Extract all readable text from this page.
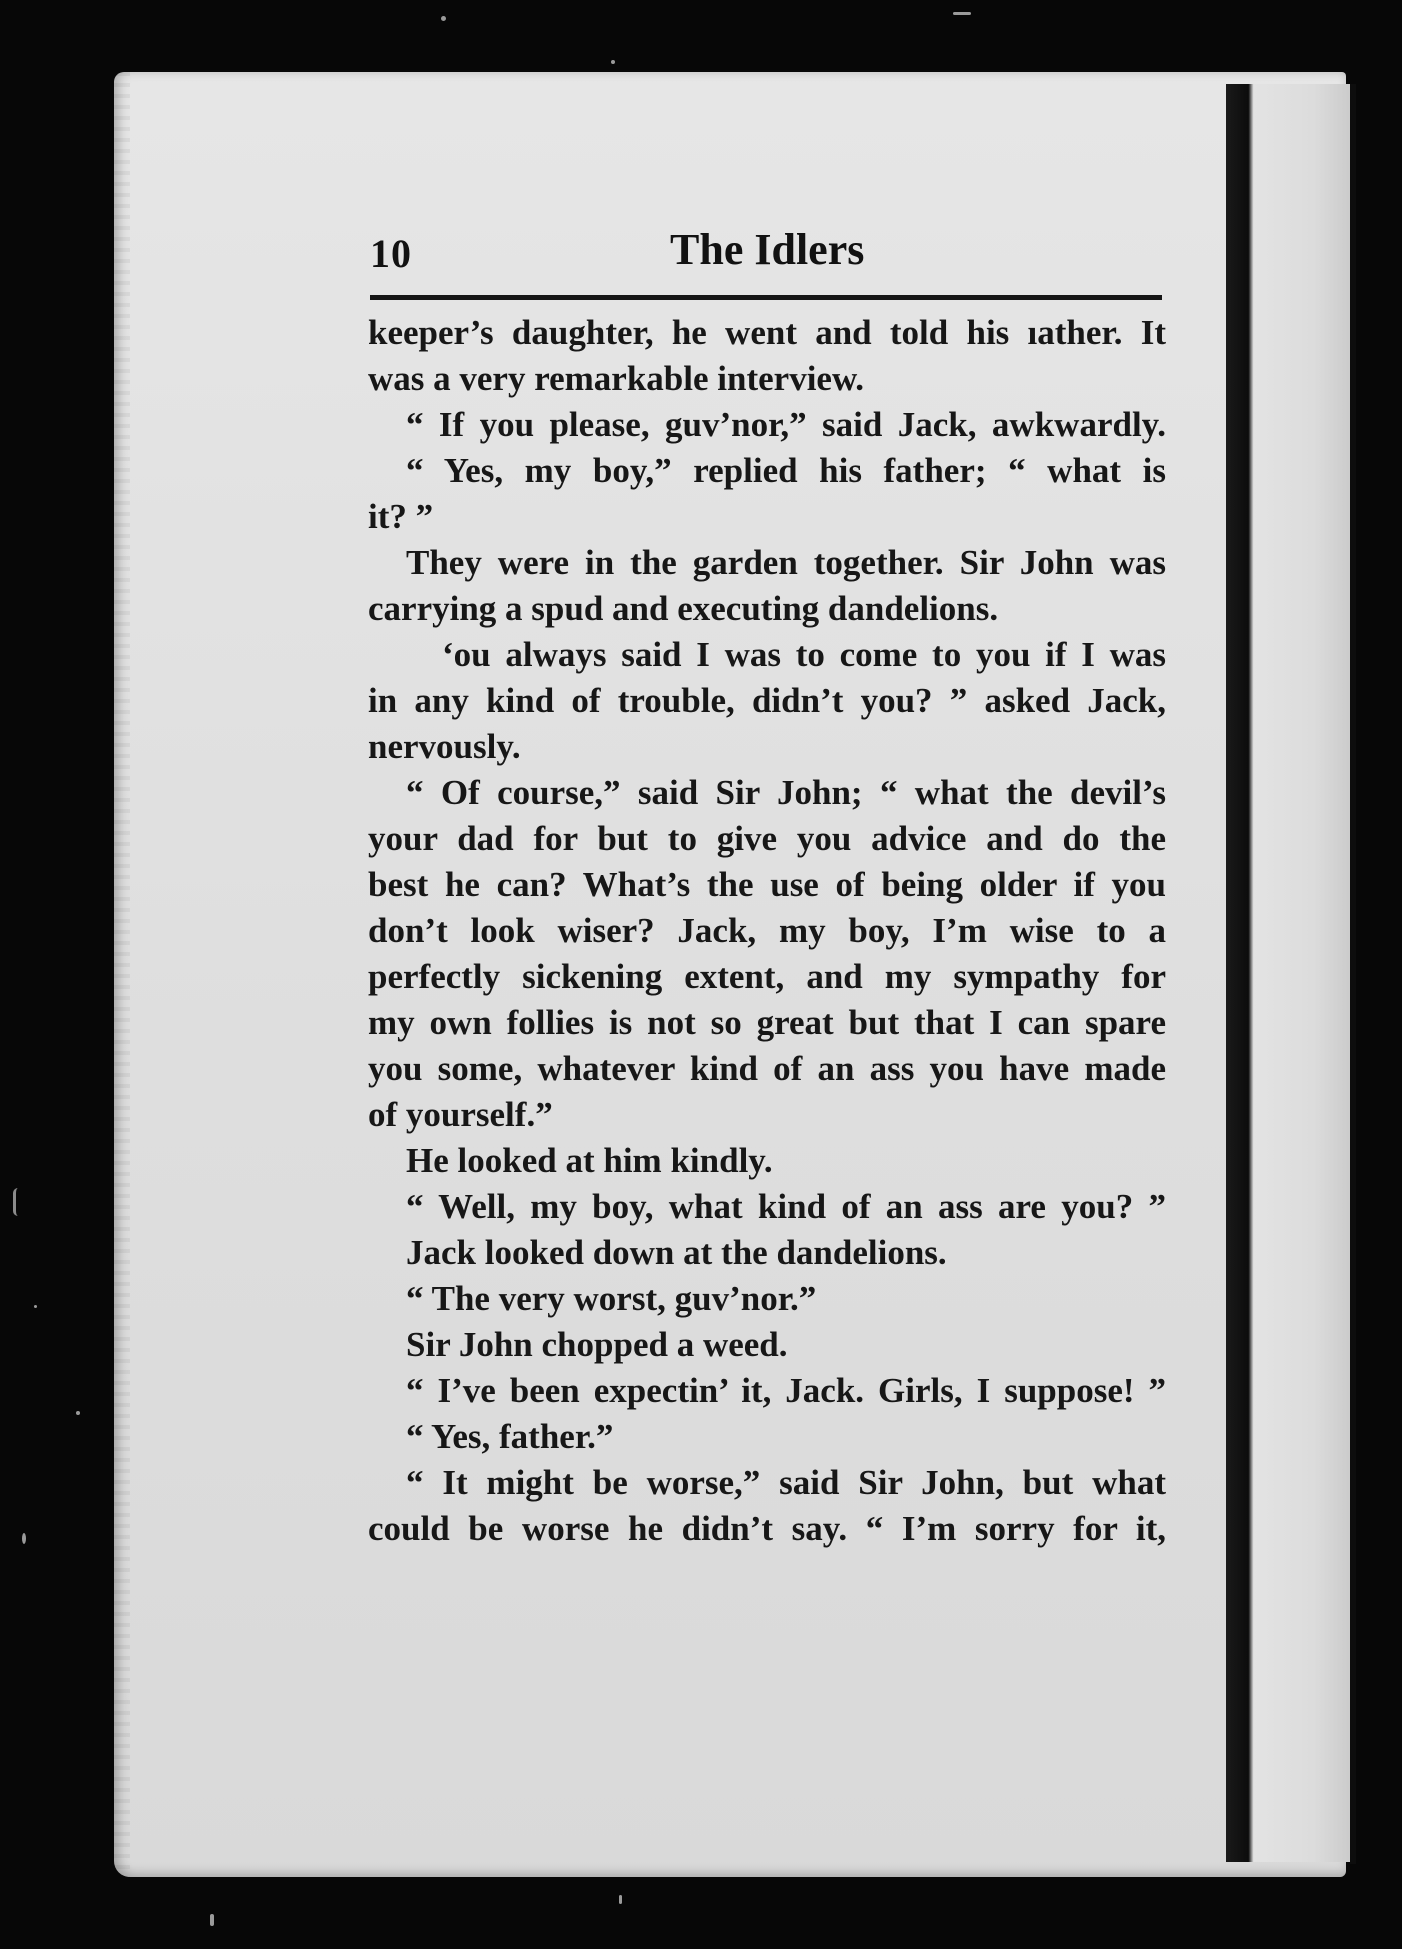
10	The Idlers
keeper’s daughter, he went and told his ıather. It
was a very remarkable interview.
“ If you please, guv’nor,” said Jack, awkwardly.
“ Yes, my boy,” replied his father; “ what is
it? ”
They were in the garden together. Sir John was
carrying a spud and executing dandelions.
‘ou always said I was to come to you if I was
in any kind of trouble, didn’t you? ” asked Jack,
nervously.
“ Of course,” said Sir John; “ what the devil’s
your dad for but to give you advice and do the
best he can? What’s the use of being older if you
don’t look wiser? Jack, my boy, I’m wise to a
perfectly sickening extent, and my sympathy for
my own follies is not so great but that I can spare
you some, whatever kind of an ass you have made
of yourself.”
He looked at him kindly.
“ Well, my boy, what kind of an ass are you? ”
Jack looked down at the dandelions.
“ The very worst, guv’nor.”
Sir John chopped a weed.
“ I’ve been expectin’ it, Jack. Girls, I suppose! ”
“ Yes, father.”
“ It might be worse,” said Sir John, but what
could be worse he didn’t say. “ I’m sorry for it,
